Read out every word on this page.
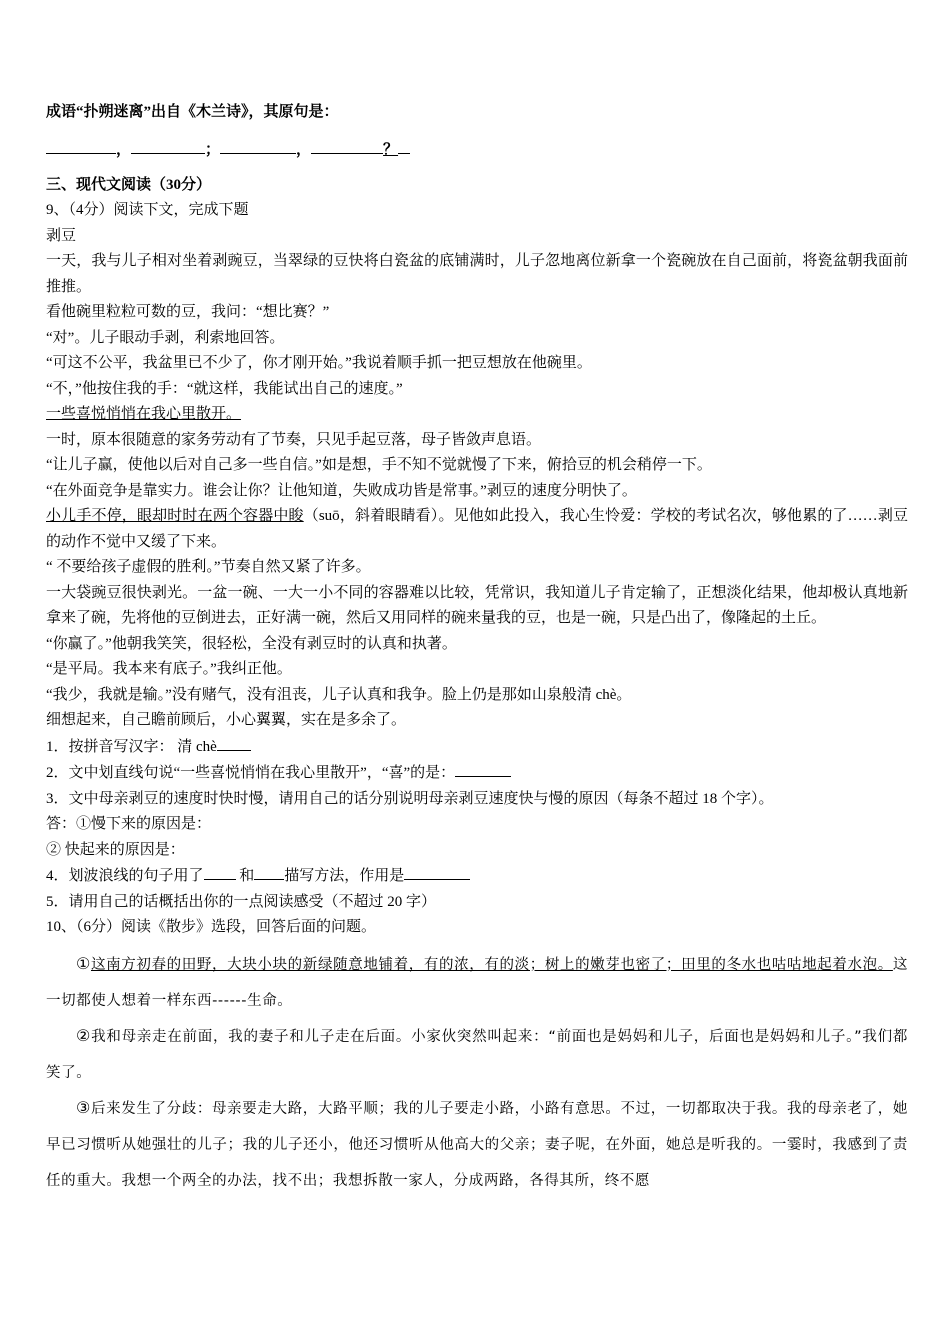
成语“扑朔迷离”出自《木兰诗》，其原句是：

，	；	，	？

三、现代文阅读（30分）

9、（4分）阅读下文，完成下题

剥豆

一天，我与儿子相对坐着剥豌豆，当翠绿的豆快将白瓷盆的底铺满时，儿子忽地离位新拿一个瓷碗放在自己面前，将瓷盆朝我面前推推。

看他碗里粒粒可数的豆，我问：“想比赛？”

“对”。儿子眼动手剥，利索地回答。

“可这不公平，我盆里已不少了，你才刚开始。”我说着顺手抓一把豆想放在他碗里。

“不，”他按住我的手：“就这样，我能试出自己的速度。”

一些喜悦悄悄在我心里散开。

一时，原本很随意的家务劳动有了节奏，只见手起豆落，母子皆敛声息语。

“让儿子赢，使他以后对自己多一些自信。”如是想，手不知不觉就慢了下来，俯拾豆的机会稍停一下。

“在外面竞争是靠实力。谁会让你？让他知道，失败成功皆是常事。”剥豆的速度分明快了。

小儿手不停，眼却时时在两个容器中睃（suō，斜着眼睛看）。见他如此投入，我心生怜爱：学校的考试名次，够他累的了……剥豆的动作不觉中又缓了下来。

“ 不要给孩子虚假的胜利。”节奏自然又紧了许多。

一大袋豌豆很快剥光。一盆一碗、一大一小不同的容器难以比较，凭常识，我知道儿子肯定输了，正想淡化结果，他却极认真地新拿来了碗，先将他的豆倒进去，正好满一碗，然后又用同样的碗来量我的豆，也是一碗，只是凸出了，像隆起的土丘。

“你赢了。”他朝我笑笑，很轻松，全没有剥豆时的认真和执著。

“是平局。我本来有底子。”我纠正他。

“我少，我就是输。”没有赌气，没有沮丧，儿子认真和我争。脸上仍是那如山泉般清 chè。

细想起来，自己瞻前顾后，小心翼翼，实在是多余了。

1．按拼音写汉字： 清 chè

2．文中划直线句说“一些喜悦悄悄在我心里散开”，“喜”的是：

3．文中母亲剥豆的速度时快时慢，请用自己的话分别说明母亲剥豆速度快与慢的原因（每条不超过 18 个字）。

答：①慢下来的原因是：

② 快起来的原因是：

4．划波浪线的句子用了 和 描写方法，作用是

5．请用自己的话概括出你的一点阅读感受（不超过 20 字）

10、（6分）阅读《散步》选段，回答后面的问题。

①这南方初春的田野，大块小块的新绿随意地铺着，有的浓，有的淡；树上的嫩芽也密了；田里的冬水也咕咕地起着水泡。这一切都使人想着一样东西------生命。

②我和母亲走在前面，我的妻子和儿子走在后面。小家伙突然叫起来：“前面也是妈妈和儿子，后面也是妈妈和儿子。”我们都笑了。

③后来发生了分歧：母亲要走大路，大路平顺；我的儿子要走小路，小路有意思。不过，一切都取决于我。我的母亲老了，她早已习惯听从她强壮的儿子；我的儿子还小，他还习惯听从他高大的父亲；妻子呢，在外面，她总是听我的。一霎时，我感到了责任的重大。我想一个两全的办法，找不出；我想拆散一家人，分成两路，各得其所，终不愿
